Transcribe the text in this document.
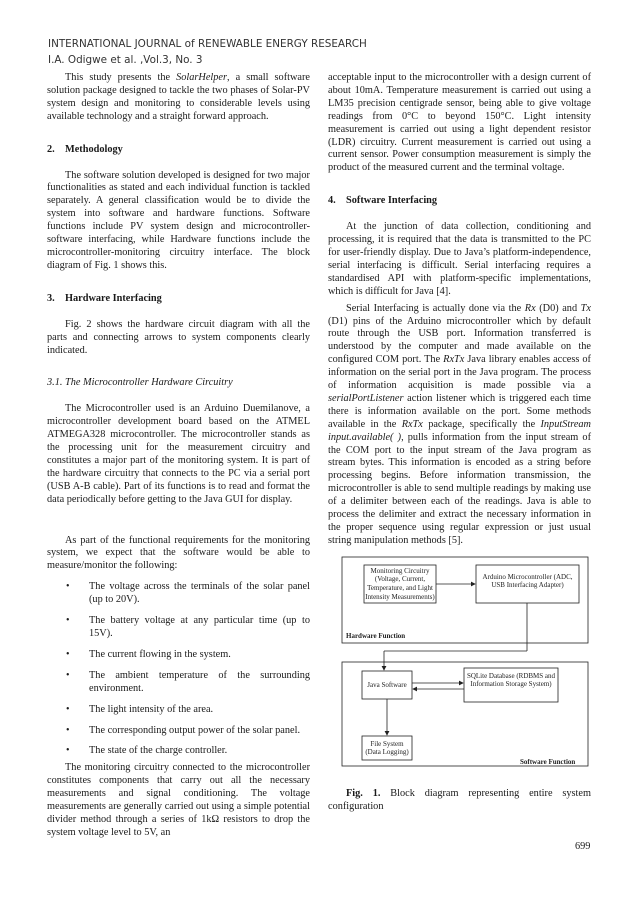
INTERNATIONAL JOURNAL of RENEWABLE ENERGY RESEARCH
I.A. Odigwe et al. ,Vol.3, No. 3

This study presents the SolarHelper, a small software solution package designed to tackle the two phases of Solar-PV system design and monitoring to considerable levels using available technology and a straight forward approach.

2.    Methodology

The software solution developed is designed for two major functionalities as stated and each individual function is tackled separately. A general classification would be to divide the system into software and hardware functions. Software functions include PV system design and microcontroller-software interfacing, while Hardware functions include the microcontroller-monitoring circuitry interface. The block diagram of Fig. 1 shows this.

3.    Hardware Interfacing

Fig. 2 shows the hardware circuit diagram with all the parts and connecting arrows to system components clearly indicated.

3.1. The Microcontroller Hardware Circuitry

The Microcontroller used is an Arduino Duemilanove, a microcontroller development board based on the ATMEL ATMEGA328 microcontroller. The microcontroller stands as the processing unit for the measurement circuitry and constitutes a major part of the monitoring system. It is part of the hardware circuitry that connects to the PC via a serial port (USB A-B cable). Part of its functions is to read and format the data periodically before getting to the Java GUI for display.

As part of the functional requirements for the monitoring system, we expect that the software would be able to measure/monitor the following:

• The voltage across the terminals of the solar panel (up to 20V).
• The battery voltage at any particular time (up to 15V).
• The current flowing in the system.
• The ambient temperature of the surrounding environment.
• The light intensity of the area.
• The corresponding output power of the solar panel.
• The state of the charge controller.

The monitoring circuitry connected to the microcontroller constitutes components that carry out all the necessary measurements and signal conditioning. The voltage measurements are generally carried out using a simple potential divider method through a series of 1kΩ resistors to drop the system voltage level to 5V, an

acceptable input to the microcontroller with a design current of about 10mA. Temperature measurement is carried out using a LM35 precision centigrade sensor, being able to give voltage readings from 0°C to beyond 150°C. Light intensity measurement is carried out using a light dependent resistor (LDR) circuitry. Current measurement is carried out using a current sensor. Power consumption measurement is simply the product of the measured current and the terminal voltage.

4.    Software Interfacing

At the junction of data collection, conditioning and processing, it is required that the data is transmitted to the PC for user-friendly display. Due to Java’s platform-independence, serial interfacing is difficult. Serial interfacing requires a standardised API with platform-specific implementations, which is difficult for Java [4].

Serial Interfacing is actually done via the Rx (D0) and Tx (D1) pins of the Arduino microcontroller which by default route through the USB port. Information transferred is understood by the computer and made available on the configured COM port. The RxTx Java library enables access of information on the serial port in the Java program. The process of information acquisition is made possible via a serialPortListener action listener which is triggered each time there is information available on the port. Some methods available in the RxTx package, specifically the InputStream input.available( ), pulls information from the input stream of the COM port to the input stream of the Java program as stream bytes. This information is encoded as a string before processing begins. Before information transmission, the microcontroller is able to send multiple readings by making use of a delimiter between each of the readings. Java is able to process the delimiter and extract the necessary information in the proper sequence using regular expression or just usual string manipulation methods [5].

Monitoring Circuitry (Voltage, Current, Temperature, and Light Intensity Measurements)
Arduino Microcontroller (ADC, USB Interfacing Adapter)
Hardware Function
Java Software
SQLite Database (RDBMS and Information Storage System)
File System (Data Logging)
Software Function

Fig. 1. Block diagram representing entire system configuration

699
